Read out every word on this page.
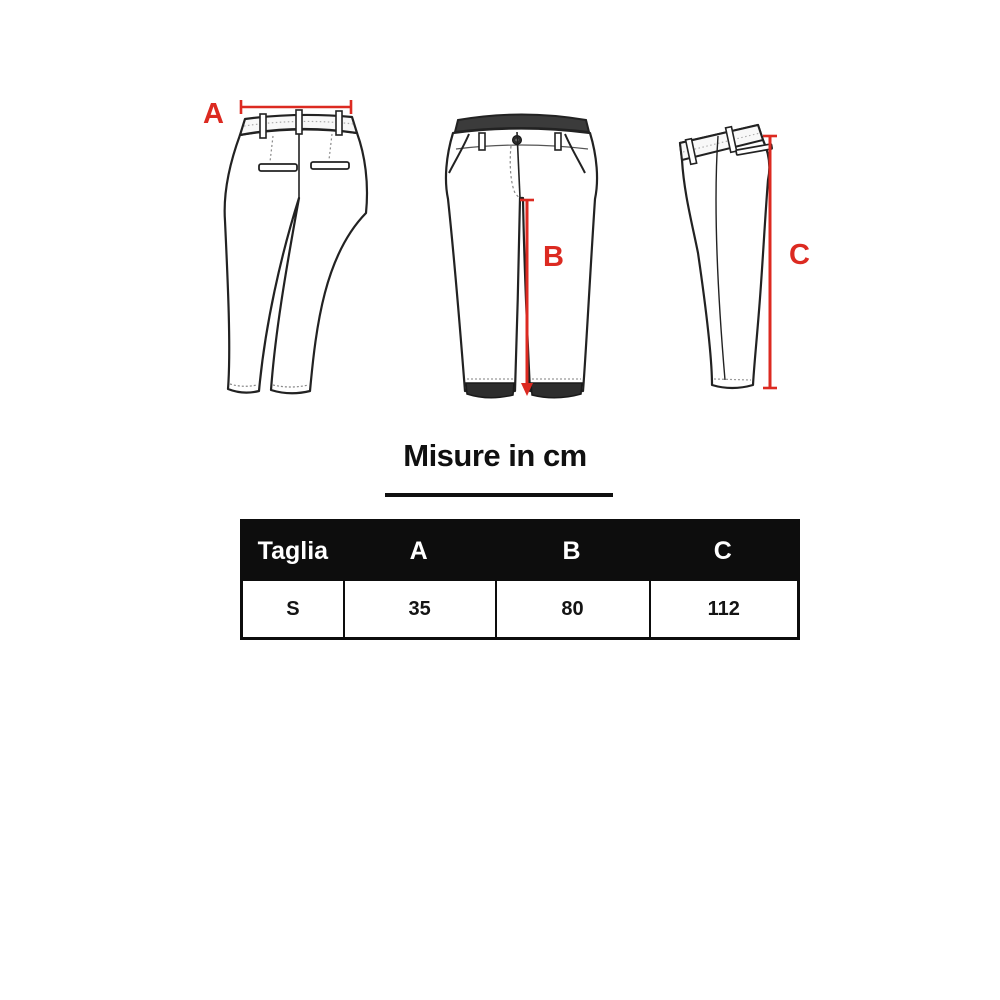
A
B	C
Misure in cm
Taglia	A	B	C
S	35	80	112
